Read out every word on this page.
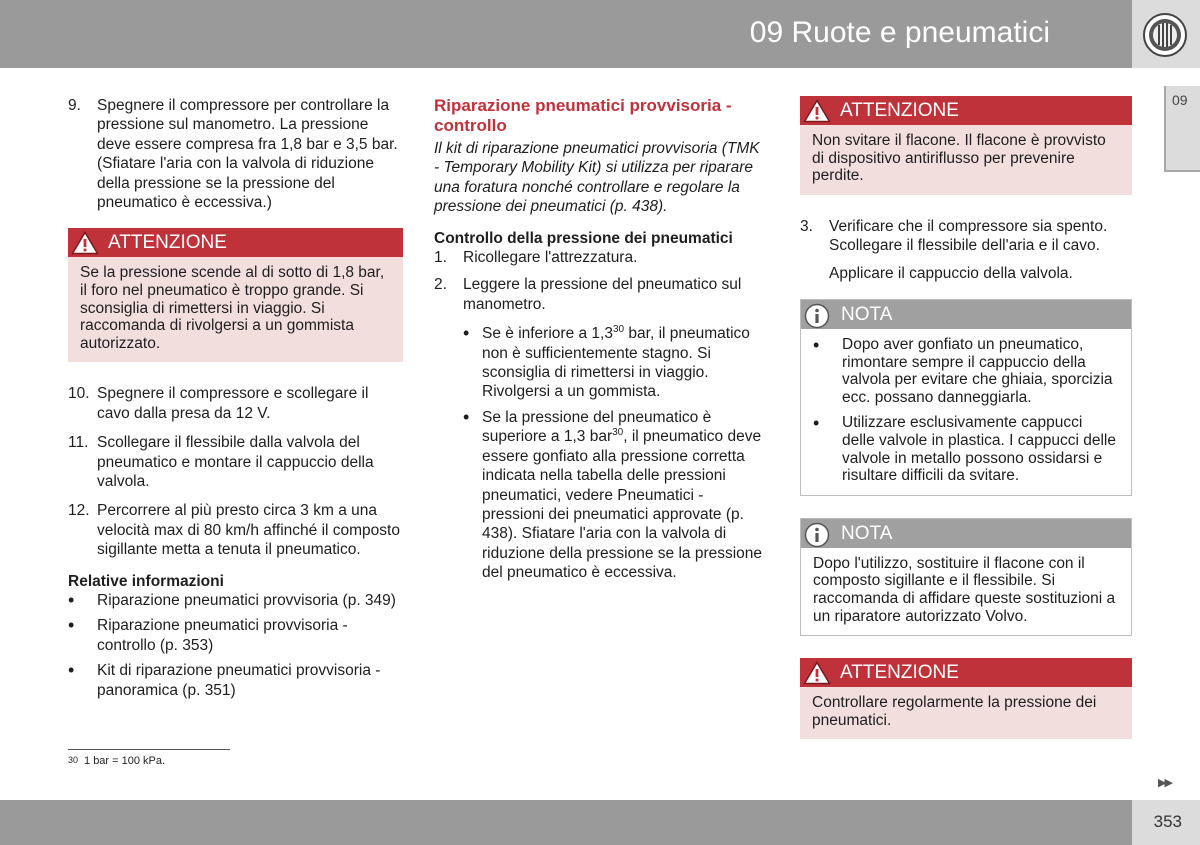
09 Ruote e pneumatici
09
9.	Spegnere il compressore per controllare la pressione sul manometro. La pressione deve essere compresa fra 1,8 bar e 3,5 bar. (Sfiatare l'aria con la valvola di riduzione della pressione se la pressione del pneumatico è eccessiva.)
ATTENZIONE
Se la pressione scende al di sotto di 1,8 bar, il foro nel pneumatico è troppo grande. Si sconsiglia di rimettersi in viaggio. Si raccomanda di rivolgersi a un gommista autorizzato.
10. Spegnere il compressore e scollegare il cavo dalla presa da 12 V.
11. Scollegare il flessibile dalla valvola del pneumatico e montare il cappuccio della valvola.
12. Percorrere al più presto circa 3 km a una velocità max di 80 km/h affinché il composto sigillante metta a tenuta il pneumatico.
Relative informazioni
•	Riparazione pneumatici provvisoria (p. 349)
•	Riparazione pneumatici provvisoria - controllo (p. 353)
•	Kit di riparazione pneumatici provvisoria - panoramica (p. 351)
Riparazione pneumatici provvisoria - controllo
Il kit di riparazione pneumatici provvisoria (TMK - Temporary Mobility Kit) si utilizza per riparare una foratura nonché controllare e regolare la pressione dei pneumatici (p. 438).
Controllo della pressione dei pneumatici
1.	Ricollegare l'attrezzatura.
2.	Leggere la pressione del pneumatico sul manometro.
• Se è inferiore a $1,3^{30}$ bar, il pneumatico non è sufficientemente stagno. Si sconsiglia di rimettersi in viaggio. Rivolgersi a un gommista.
• Se la pressione del pneumatico è superiore a 1,3 bar$^{30}$, il pneumatico deve essere gonfiato alla pressione corretta indicata nella tabella delle pressioni pneumatici, vedere Pneumatici - pressioni dei pneumatici approvate (p. 438). Sfiatare l'aria con la valvola di riduzione della pressione se la pressione del pneumatico è eccessiva.
ATTENZIONE
Non svitare il flacone. Il flacone è provvisto di dispositivo antiriflusso per prevenire perdite.
3.	Verificare che il compressore sia spento. Scollegare il flessibile dell'aria e il cavo.
Applicare il cappuccio della valvola.
NOTA
•	Dopo aver gonfiato un pneumatico, rimontare sempre il cappuccio della valvola per evitare che ghiaia, sporcizia ecc. possano danneggiarla.
•	Utilizzare esclusivamente cappucci delle valvole in plastica. I cappucci delle valvole in metallo possono ossidarsi e risultare difficili da svitare.
NOTA
Dopo l'utilizzo, sostituire il flacone con il composto sigillante e il flessibile. Si raccomanda di affidare queste sostituzioni a un riparatore autorizzato Volvo.
ATTENZIONE
Controllare regolarmente la pressione dei pneumatici.
$^{30}$ 1 bar = 100 kPa.
▶▶
353
